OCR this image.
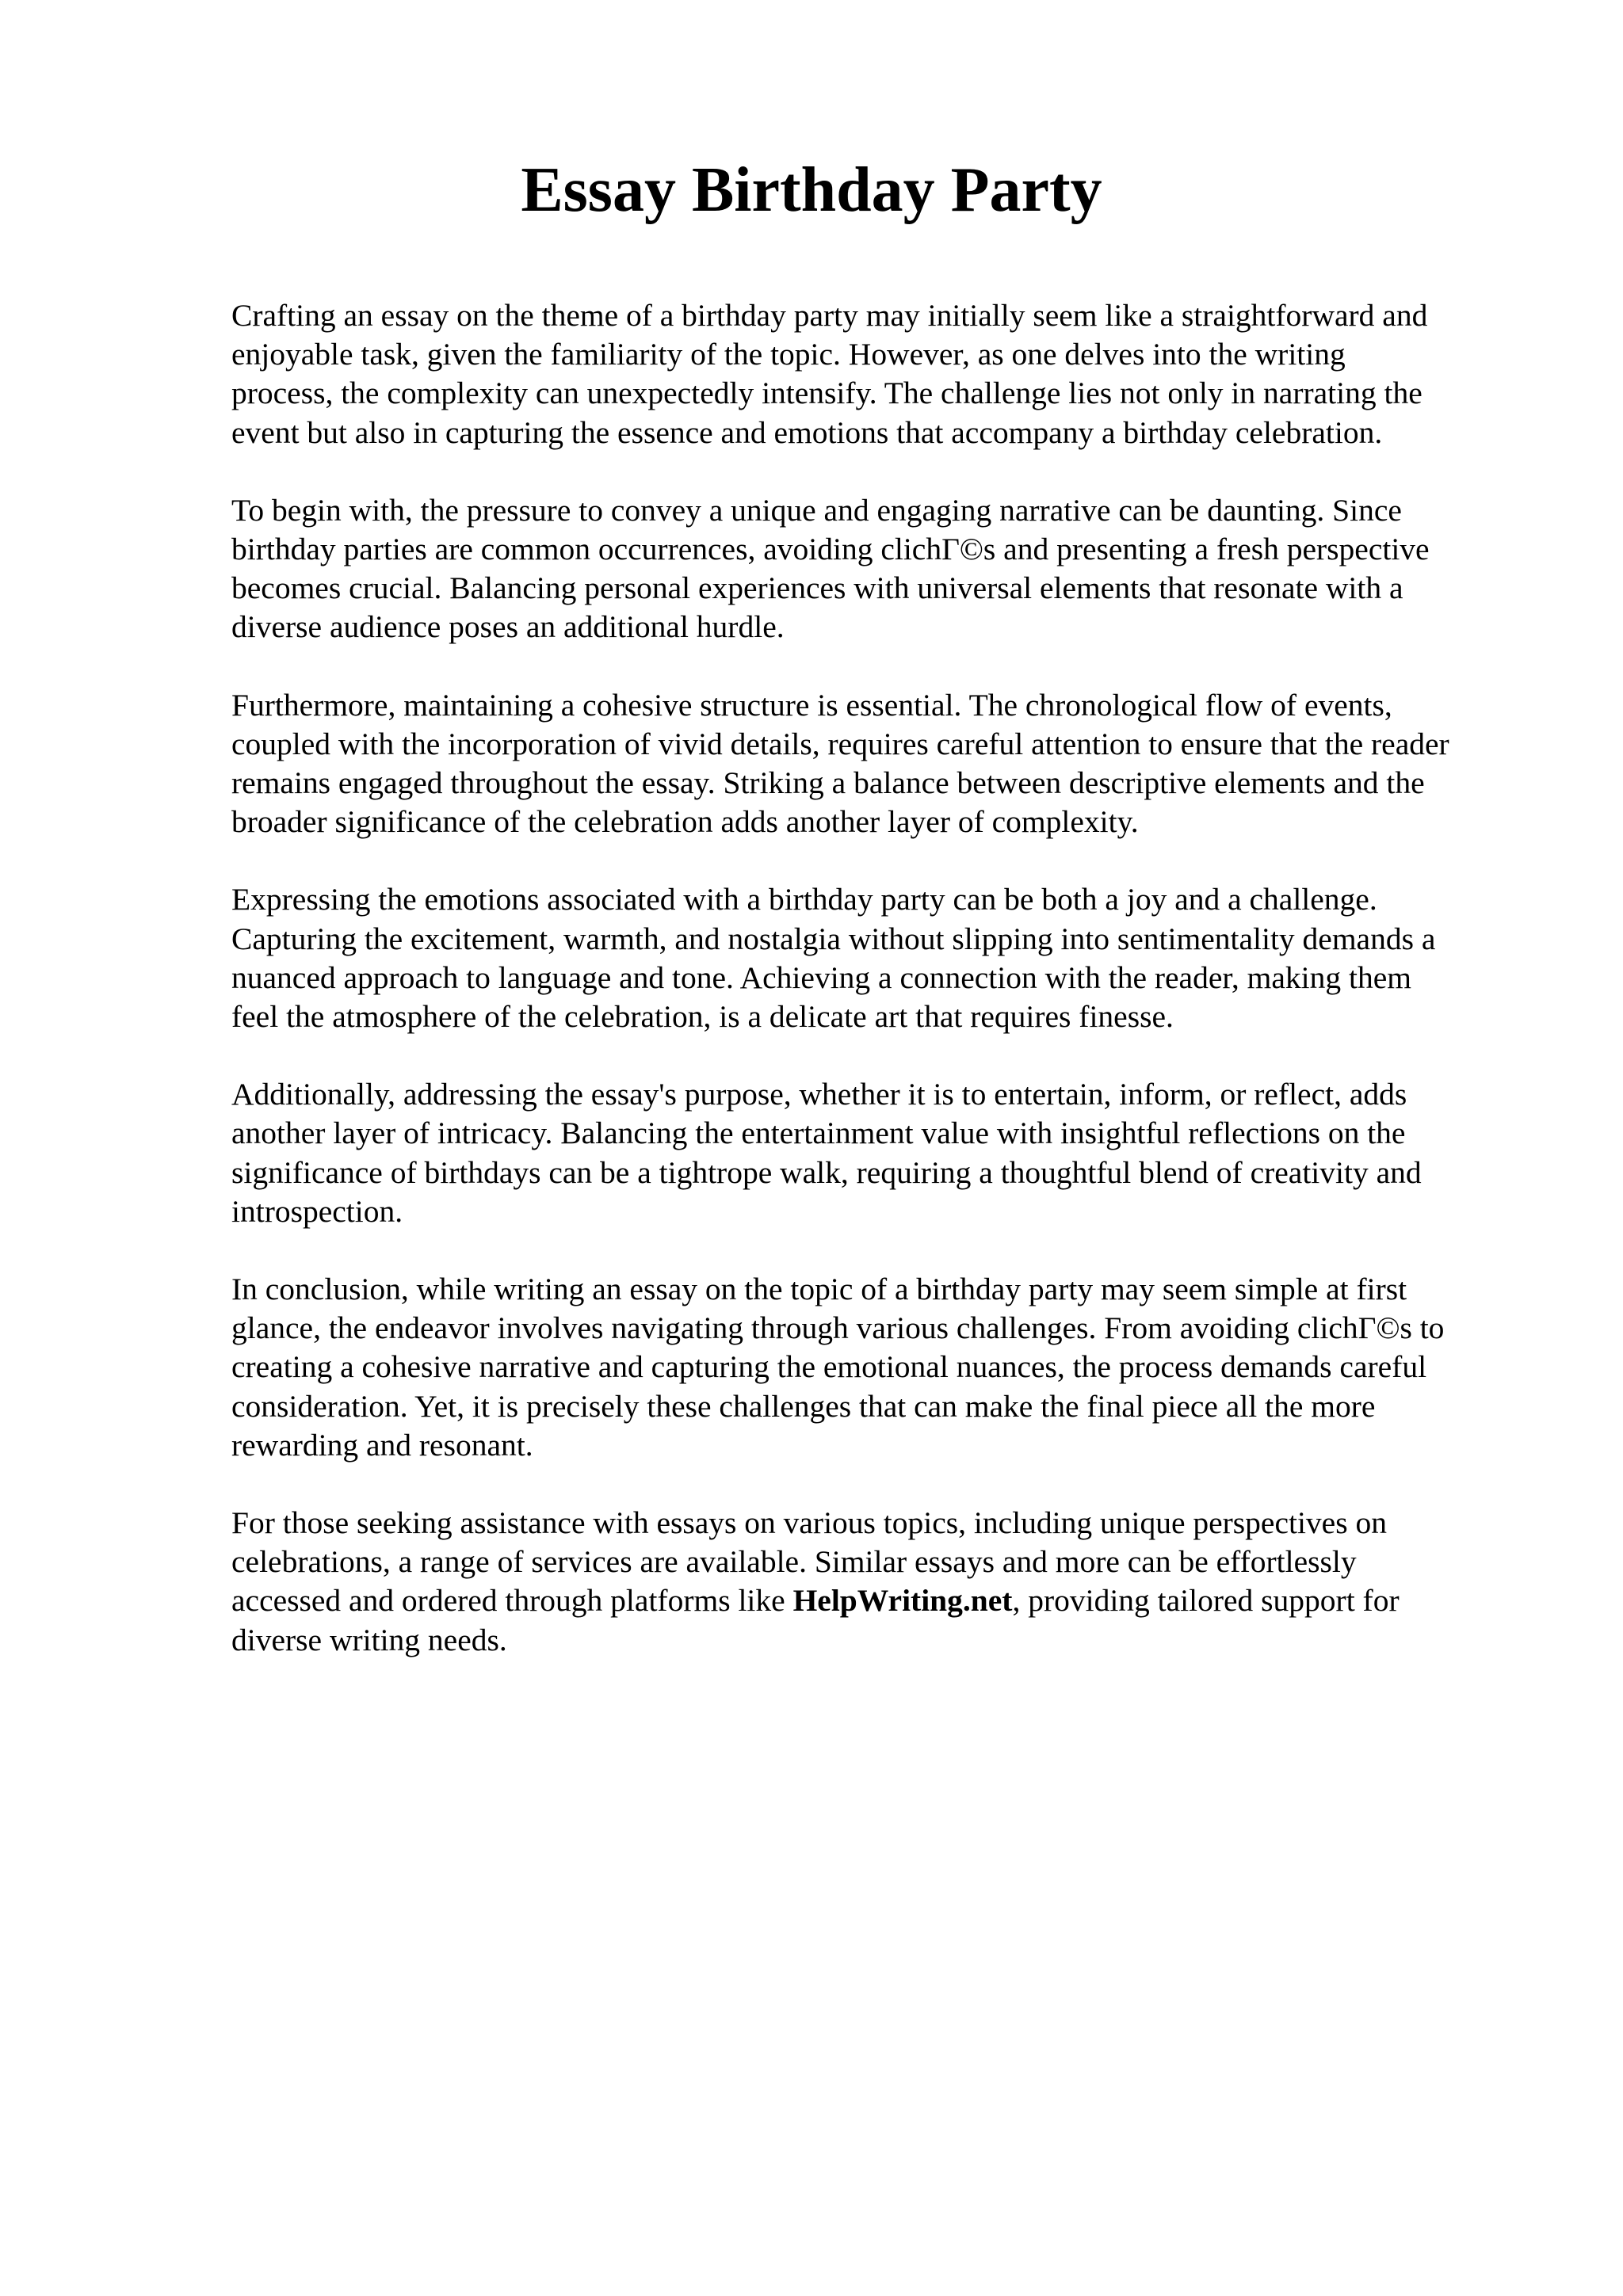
Essay Birthday Party

Crafting an essay on the theme of a birthday party may initially seem like a straightforward and
enjoyable task, given the familiarity of the topic. However, as one delves into the writing
process, the complexity can unexpectedly intensify. The challenge lies not only in narrating the
event but also in capturing the essence and emotions that accompany a birthday celebration.

To begin with, the pressure to convey a unique and engaging narrative can be daunting. Since
birthday parties are common occurrences, avoiding clichΓ©s and presenting a fresh perspective
becomes crucial. Balancing personal experiences with universal elements that resonate with a
diverse audience poses an additional hurdle.

Furthermore, maintaining a cohesive structure is essential. The chronological flow of events,
coupled with the incorporation of vivid details, requires careful attention to ensure that the reader
remains engaged throughout the essay. Striking a balance between descriptive elements and the
broader significance of the celebration adds another layer of complexity.

Expressing the emotions associated with a birthday party can be both a joy and a challenge.
Capturing the excitement, warmth, and nostalgia without slipping into sentimentality demands a
nuanced approach to language and tone. Achieving a connection with the reader, making them
feel the atmosphere of the celebration, is a delicate art that requires finesse.

Additionally, addressing the essay's purpose, whether it is to entertain, inform, or reflect, adds
another layer of intricacy. Balancing the entertainment value with insightful reflections on the
significance of birthdays can be a tightrope walk, requiring a thoughtful blend of creativity and
introspection.

In conclusion, while writing an essay on the topic of a birthday party may seem simple at first
glance, the endeavor involves navigating through various challenges. From avoiding clichΓ©s to
creating a cohesive narrative and capturing the emotional nuances, the process demands careful
consideration. Yet, it is precisely these challenges that can make the final piece all the more
rewarding and resonant.

For those seeking assistance with essays on various topics, including unique perspectives on
celebrations, a range of services are available. Similar essays and more can be effortlessly
accessed and ordered through platforms like HelpWriting.net, providing tailored support for
diverse writing needs.
